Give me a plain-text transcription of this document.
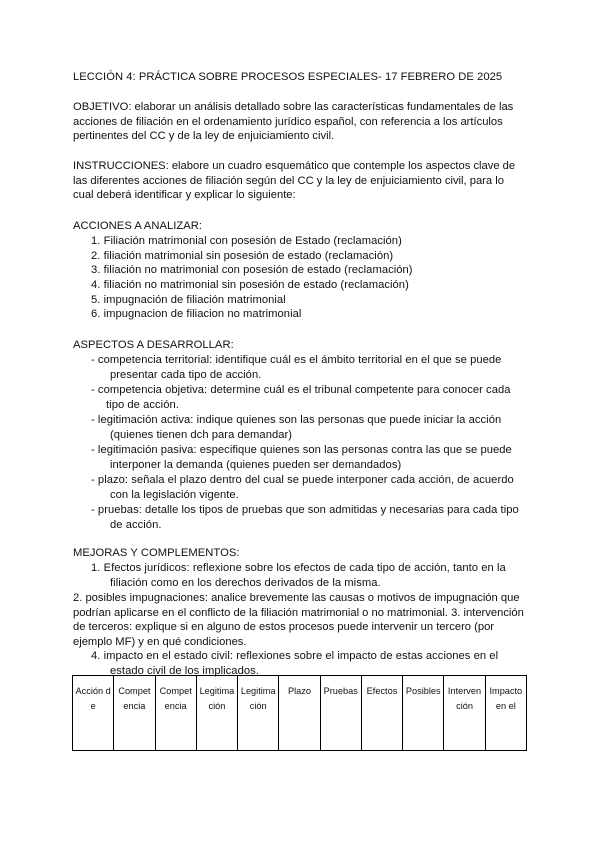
LECCIÓN 4: PRÁCTICA SOBRE PROCESOS ESPECIALES- 17 FEBRERO DE 2025

OBJETIVO: elaborar un análisis detallado sobre las características fundamentales de las acciones de filiación en el ordenamiento jurídico español, con referencia a los artículos pertinentes del CC y de la ley de enjuiciamiento civil.

INSTRUCCIONES: elabore un cuadro esquemático que contemple los aspectos clave de las diferentes acciones de filiación según del CC y la ley de enjuiciamiento civil, para lo cual deberá identificar y explicar lo siguiente:

ACCIONES A ANALIZAR:
1. Filiación matrimonial con posesión de Estado (reclamación)
2. filiación matrimonial sin posesión de estado (reclamación)
3. filiación no matrimonial con posesión de estado (reclamación)
4. filiación no matrimonial sin posesión de estado (reclamación)
5. impugnación de filiación matrimonial
6. impugnacion de filiacion no matrimonial
ASPECTOS A DESARROLLAR:
- competencia territorial: identifique cuál es el ámbito territorial en el que se puede
presentar cada tipo de acción.
- competencia objetiva: determine cuál es el tribunal competente para conocer cada
tipo de acción.
- legitimación activa: indique quienes son las personas que puede iniciar la acción
(quienes tienen dch para demandar)
- legitimación pasiva: especifique quienes son las personas contra las que se puede
interponer la demanda (quienes pueden ser demandados)
- plazo: señala el plazo dentro del cual se puede interponer cada acción, de acuerdo
con la legislación vigente.
- pruebas: detalle los tipos de pruebas que son admitidas y necesarias para cada tipo
de acción.
MEJORAS Y COMPLEMENTOS:
1. Efectos jurídicos: reflexione sobre los efectos de cada tipo de acción, tanto en la
filiación como en los derechos derivados de la misma.

2. posibles impugnaciones: analice brevemente las causas o motivos de impugnación que podrían aplicarse en el conflicto de la filiación matrimonial o no matrimonial. 3. intervención de terceros: explique si en alguno de estos procesos puede intervenir un tercero (por ejemplo MF) y en qué condiciones.

4. impacto en el estado civil: reflexiones sobre el impacto de estas acciones en el
estado civil de los implicados.
Acción de	Competencia	Competencia	Legitimación	Legitimación	Plazo	Pruebas	Efectos	Posibles	Intervención	Impacto en el
